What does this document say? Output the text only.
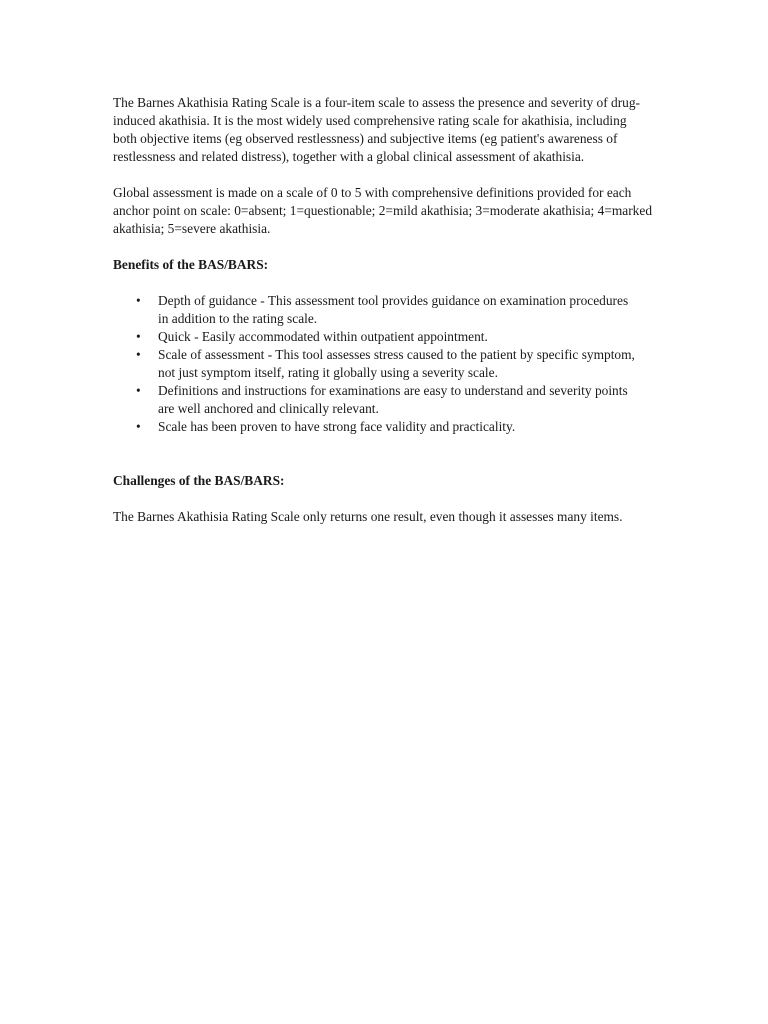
The Barnes Akathisia Rating Scale is a four-item scale to assess the presence and severity of drug-induced akathisia. It is the most widely used comprehensive rating scale for akathisia, including both objective items (eg observed restlessness) and subjective items (eg patient's awareness of restlessness and related distress), together with a global clinical assessment of akathisia.

Global assessment is made on a scale of 0 to 5 with comprehensive definitions provided for each anchor point on scale: 0=absent; 1=questionable; 2=mild akathisia; 3=moderate akathisia; 4=marked akathisia; 5=severe akathisia.

Benefits of the BAS/BARS:

• Depth of guidance - This assessment tool provides guidance on examination procedures in addition to the rating scale.
• Quick - Easily accommodated within outpatient appointment.
• Scale of assessment - This tool assesses stress caused to the patient by specific symptom, not just symptom itself, rating it globally using a severity scale.
• Definitions and instructions for examinations are easy to understand and severity points are well anchored and clinically relevant.
• Scale has been proven to have strong face validity and practicality.

Challenges of the BAS/BARS:

The Barnes Akathisia Rating Scale only returns one result, even though it assesses many items.
